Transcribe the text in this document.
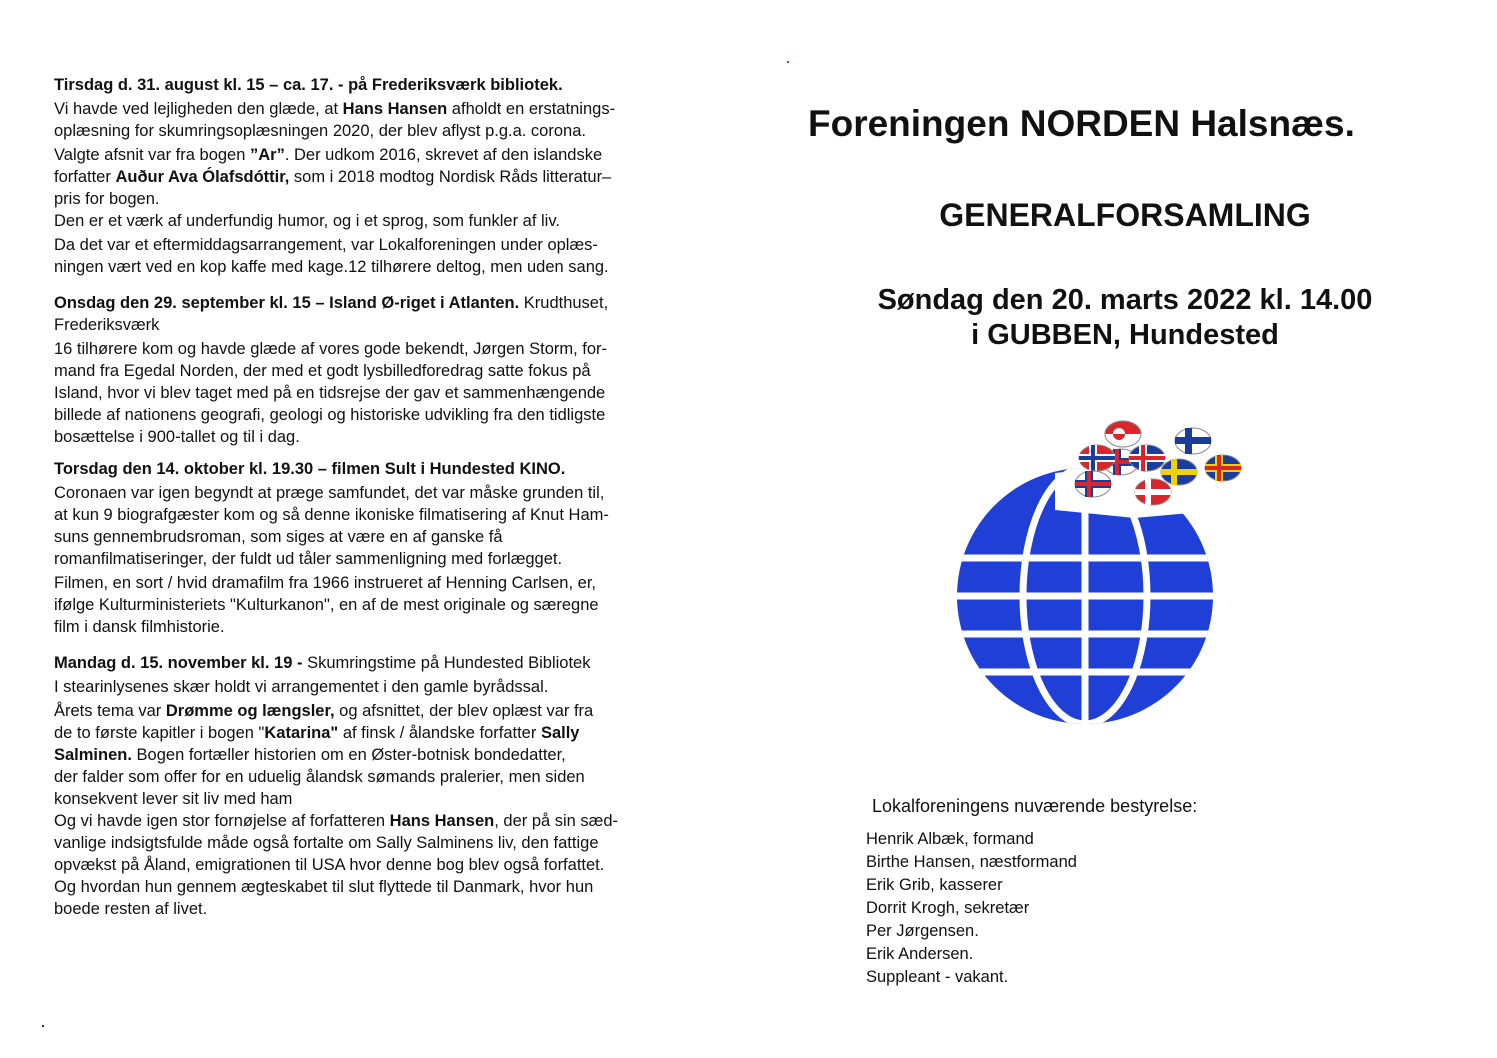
Tirsdag d. 31. august kl. 15 – ca. 17. - på Frederiksværk bibliotek.

Vi havde ved lejligheden den glæde, at Hans Hansen afholdt en erstatnings-
oplæsning for skumringsoplæsningen 2020, der blev aflyst p.g.a. corona.

Valgte afsnit var fra bogen ”Ar”. Der udkom 2016, skrevet af den islandske
forfatter Auður Ava Ólafsdóttir, som i 2018 modtog Nordisk Råds litteratur–
pris for bogen.
Den er et værk af underfundig humor, og i et sprog, som funkler af liv.

Da det var et eftermiddagsarrangement, var Lokalforeningen under oplæs-
ningen vært ved en kop kaffe med kage.12 tilhørere deltog, men uden sang.

Onsdag den 29. september kl. 15 – Island Ø-riget i Atlanten. Krudthuset,
Frederiksværk

16 tilhørere kom og havde glæde af vores gode bekendt, Jørgen Storm, for-
mand fra Egedal Norden, der med et godt lysbilledforedrag satte fokus på
Island, hvor vi blev taget med på en tidsrejse der gav et sammenhængende
billede af nationens geografi, geologi og historiske udvikling fra den tidligste
bosættelse i 900-tallet og til i dag.

Torsdag den 14. oktober kl. 19.30 – filmen Sult i Hundested KINO.

Coronaen var igen begyndt at præge samfundet, det var måske grunden til,
at kun 9 biografgæster kom og så denne ikoniske filmatisering af Knut Ham-
suns gennembrudsroman, som siges at være en af ganske få
romanfilmatiseringer, der fuldt ud tåler sammenligning med forlægget.

Filmen, en sort / hvid dramafilm fra 1966 instrueret af Henning Carlsen, er,
ifølge Kulturministeriets "Kulturkanon", en af de mest originale og særegne
film i dansk filmhistorie.

Mandag d. 15. november kl. 19 - Skumringstime på Hundested Bibliotek

I stearinlysenes skær holdt vi arrangementet i den gamle byrådssal.

Årets tema var Drømme og længsler, og afsnittet, der blev oplæst var fra
de to første kapitler i bogen "Katarina" af finsk / ålandske forfatter Sally
Salminen. Bogen fortæller historien om en Øster-botnisk bondedatter,
der falder som offer for en uduelig ålandsk sømands pralerier, men siden
konsekvent lever sit liv med ham
Og vi havde igen stor fornøjelse af forfatteren Hans Hansen, der på sin sæd-
vanlige indsigtsfulde måde også fortalte om Sally Salminens liv, den fattige
opvækst på Åland, emigrationen til USA hvor denne bog blev også forfattet.
Og hvordan hun gennem ægteskabet til slut flyttede til Danmark, hvor hun
boede resten af livet.

Foreningen NORDEN Halsnæs.
GENERALFORSAMLING
Søndag den 20. marts 2022 kl. 14.00
i GUBBEN, Hundested
Lokalforeningens nuværende bestyrelse:
Henrik Albæk, formand
Birthe Hansen, næstformand
Erik Grib, kasserer
Dorrit Krogh, sekretær
Per Jørgensen.
Erik Andersen.
Suppleant - vakant.
